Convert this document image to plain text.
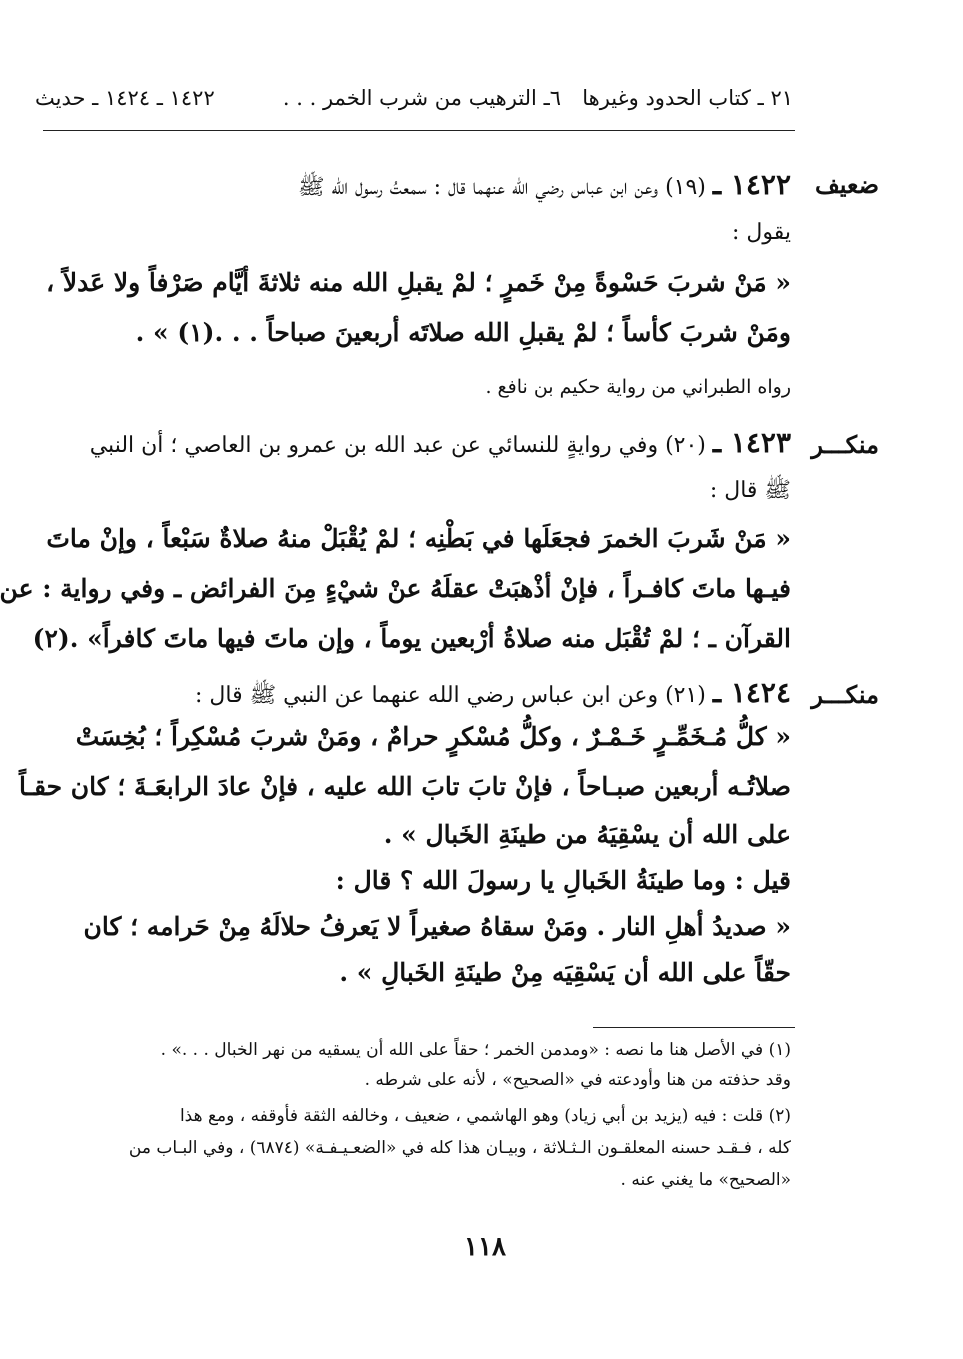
٢١ ـ كتاب الحدود وغيرها
٦ـ الترهيب من شرب الخمر . . .
١٤٢٢ ـ ١٤٢٤ ـ حديث
ضعيف
١٤٢٢ ـ (١٩) وعن ابن عباس رضي الله عنهما قال : سمعتُ رسول الله ﷺ
يقول :
« مَنْ شربَ حَسْوةً مِنْ خَمرٍ ؛ لمْ يقبلِ الله منه ثلاثةَ أيَّام صَرْفاً ولا عَدلاً ،
ومَنْ شربَ كأساً ؛ لمْ يقبلِ الله صلاتَه أربعينَ صباحاً . . .(١) » .
رواه الطبراني من رواية حكيم بن نافع .
منكـــر
١٤٢٣ ـ (٢٠) وفي روايةٍ للنسائي عن عبد الله بن عمرو بن العاصي ؛ أن النبي
ﷺ قال :
« مَنْ شَربَ الخمرَ فجعَلَها في بَطْنِه ؛ لمْ يُقْبَلْ منهُ صلاةٌ سَبْعاً ، وإنْ ماتَ
فيـها ماتَ كافـراً ، فإنْ أذْهبَتْ عقلَهُ عنْ شيْءٍ مِنَ الفرائض ـ وفي رواية : عن
القرآن ـ ؛ لمْ تُقْبَل منه صلاةُ أرْبعين يوماً ، وإن ماتَ فيها ماتَ كافراً» .(٢)
منكـــر
١٤٢٤ ـ (٢١) وعن ابن عباس رضي الله عنهما عن النبي ﷺ قال :
« كلُّ مُـخَمِّـرٍ خَـمْـرٌ ، وكلُّ مُسْكرٍ حرامٌ ، ومَنْ شربَ مُسْكِراً ؛ بُخِسَتْ
صلاتُـه أربعين صبـاحاً ، فإنْ تابَ تابَ الله عليه ، فإنْ عادَ الرابعَـةَ ؛ كان حقـاً
على الله أن يسْقِيَهُ من طينَةِ الخَبال » .
قيل : وما طينَةُ الخَبالِ يا رسولَ الله ؟ قال :
« صديدُ أهلِ النار . ومَنْ سقاهُ صغيراً لا يَعرفُ حلالَهُ مِنْ حَرامه ؛ كان
حقّاً على الله أن يَسْقِيَه مِنْ طينَةِ الخَبالِ » .
(١) في الأصل هنا ما نصه : «ومدمن الخمر ؛ حقاً على الله أن يسقيه من نهر الخبال . . .» .
وقد حذفته من هنا وأودعته في «الصحيح» ، لأنه على شرطه .
(٢) قلت : فيه (يزيد بن أبي زياد) وهو الهاشمي ، ضعيف ، وخالفه الثقة فأوقفه ، ومع هذا
كله ، فـقـد حسنه المعلقـون الـثـلاثة ، وبيـان هذا كله في «الضعـيـفـة» (٦٨٧٤) ، وفي البـاب من
«الصحيح» ما يغني عنه .
١١٨
